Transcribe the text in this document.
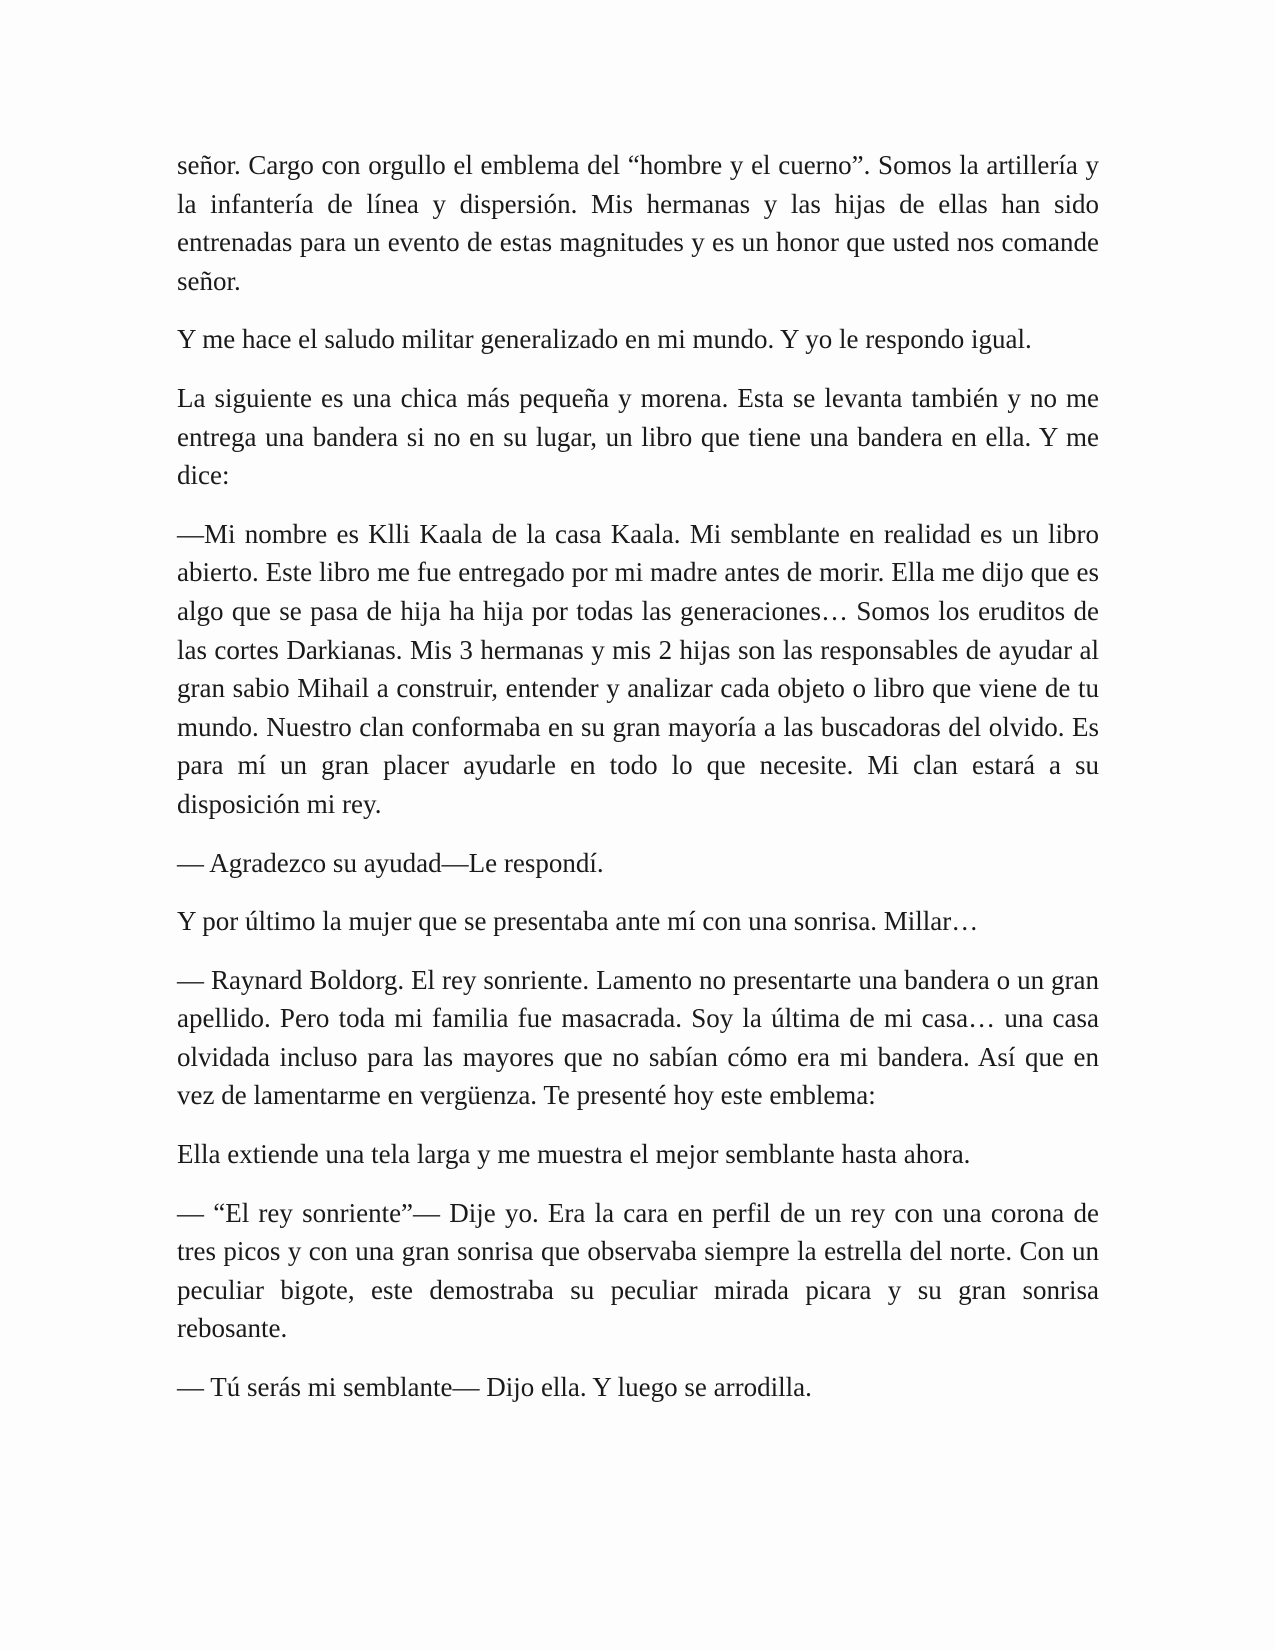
señor. Cargo con orgullo el emblema del “hombre y el cuerno”. Somos la artillería y la infantería de línea y dispersión. Mis hermanas y las hijas de ellas han sido entrenadas para un evento de estas magnitudes y es un honor que usted nos comande señor.

Y me hace el saludo militar generalizado en mi mundo. Y yo le respondo igual.

La siguiente es una chica más pequeña y morena. Esta se levanta también y no me entrega una bandera si no en su lugar, un libro que tiene una bandera en ella. Y me dice:

—Mi nombre es Klli Kaala de la casa Kaala. Mi semblante en realidad es un libro abierto. Este libro me fue entregado por mi madre antes de morir. Ella me dijo que es algo que se pasa de hija ha hija por todas las generaciones… Somos los eruditos de las cortes Darkianas. Mis 3 hermanas y mis 2 hijas son las responsables de ayudar al gran sabio Mihail a construir, entender y analizar cada objeto o libro que viene de tu mundo. Nuestro clan conformaba en su gran mayoría a las buscadoras del olvido. Es para mí un gran placer ayudarle en todo lo que necesite. Mi clan estará a su disposición mi rey.

— Agradezco su ayudad—Le respondí.

Y por último la mujer que se presentaba ante mí con una sonrisa. Millar…

— Raynard Boldorg. El rey sonriente. Lamento no presentarte una bandera o un gran apellido. Pero toda mi familia fue masacrada. Soy la última de mi casa… una casa olvidada incluso para las mayores que no sabían cómo era mi bandera. Así que en vez de lamentarme en vergüenza. Te presenté hoy este emblema:

Ella extiende una tela larga y me muestra el mejor semblante hasta ahora.

— “El rey sonriente”— Dije yo. Era la cara en perfil de un rey con una corona de tres picos y con una gran sonrisa que observaba siempre la estrella del norte. Con un peculiar bigote, este demostraba su peculiar mirada picara y su gran sonrisa rebosante.

— Tú serás mi semblante— Dijo ella. Y luego se arrodilla.
